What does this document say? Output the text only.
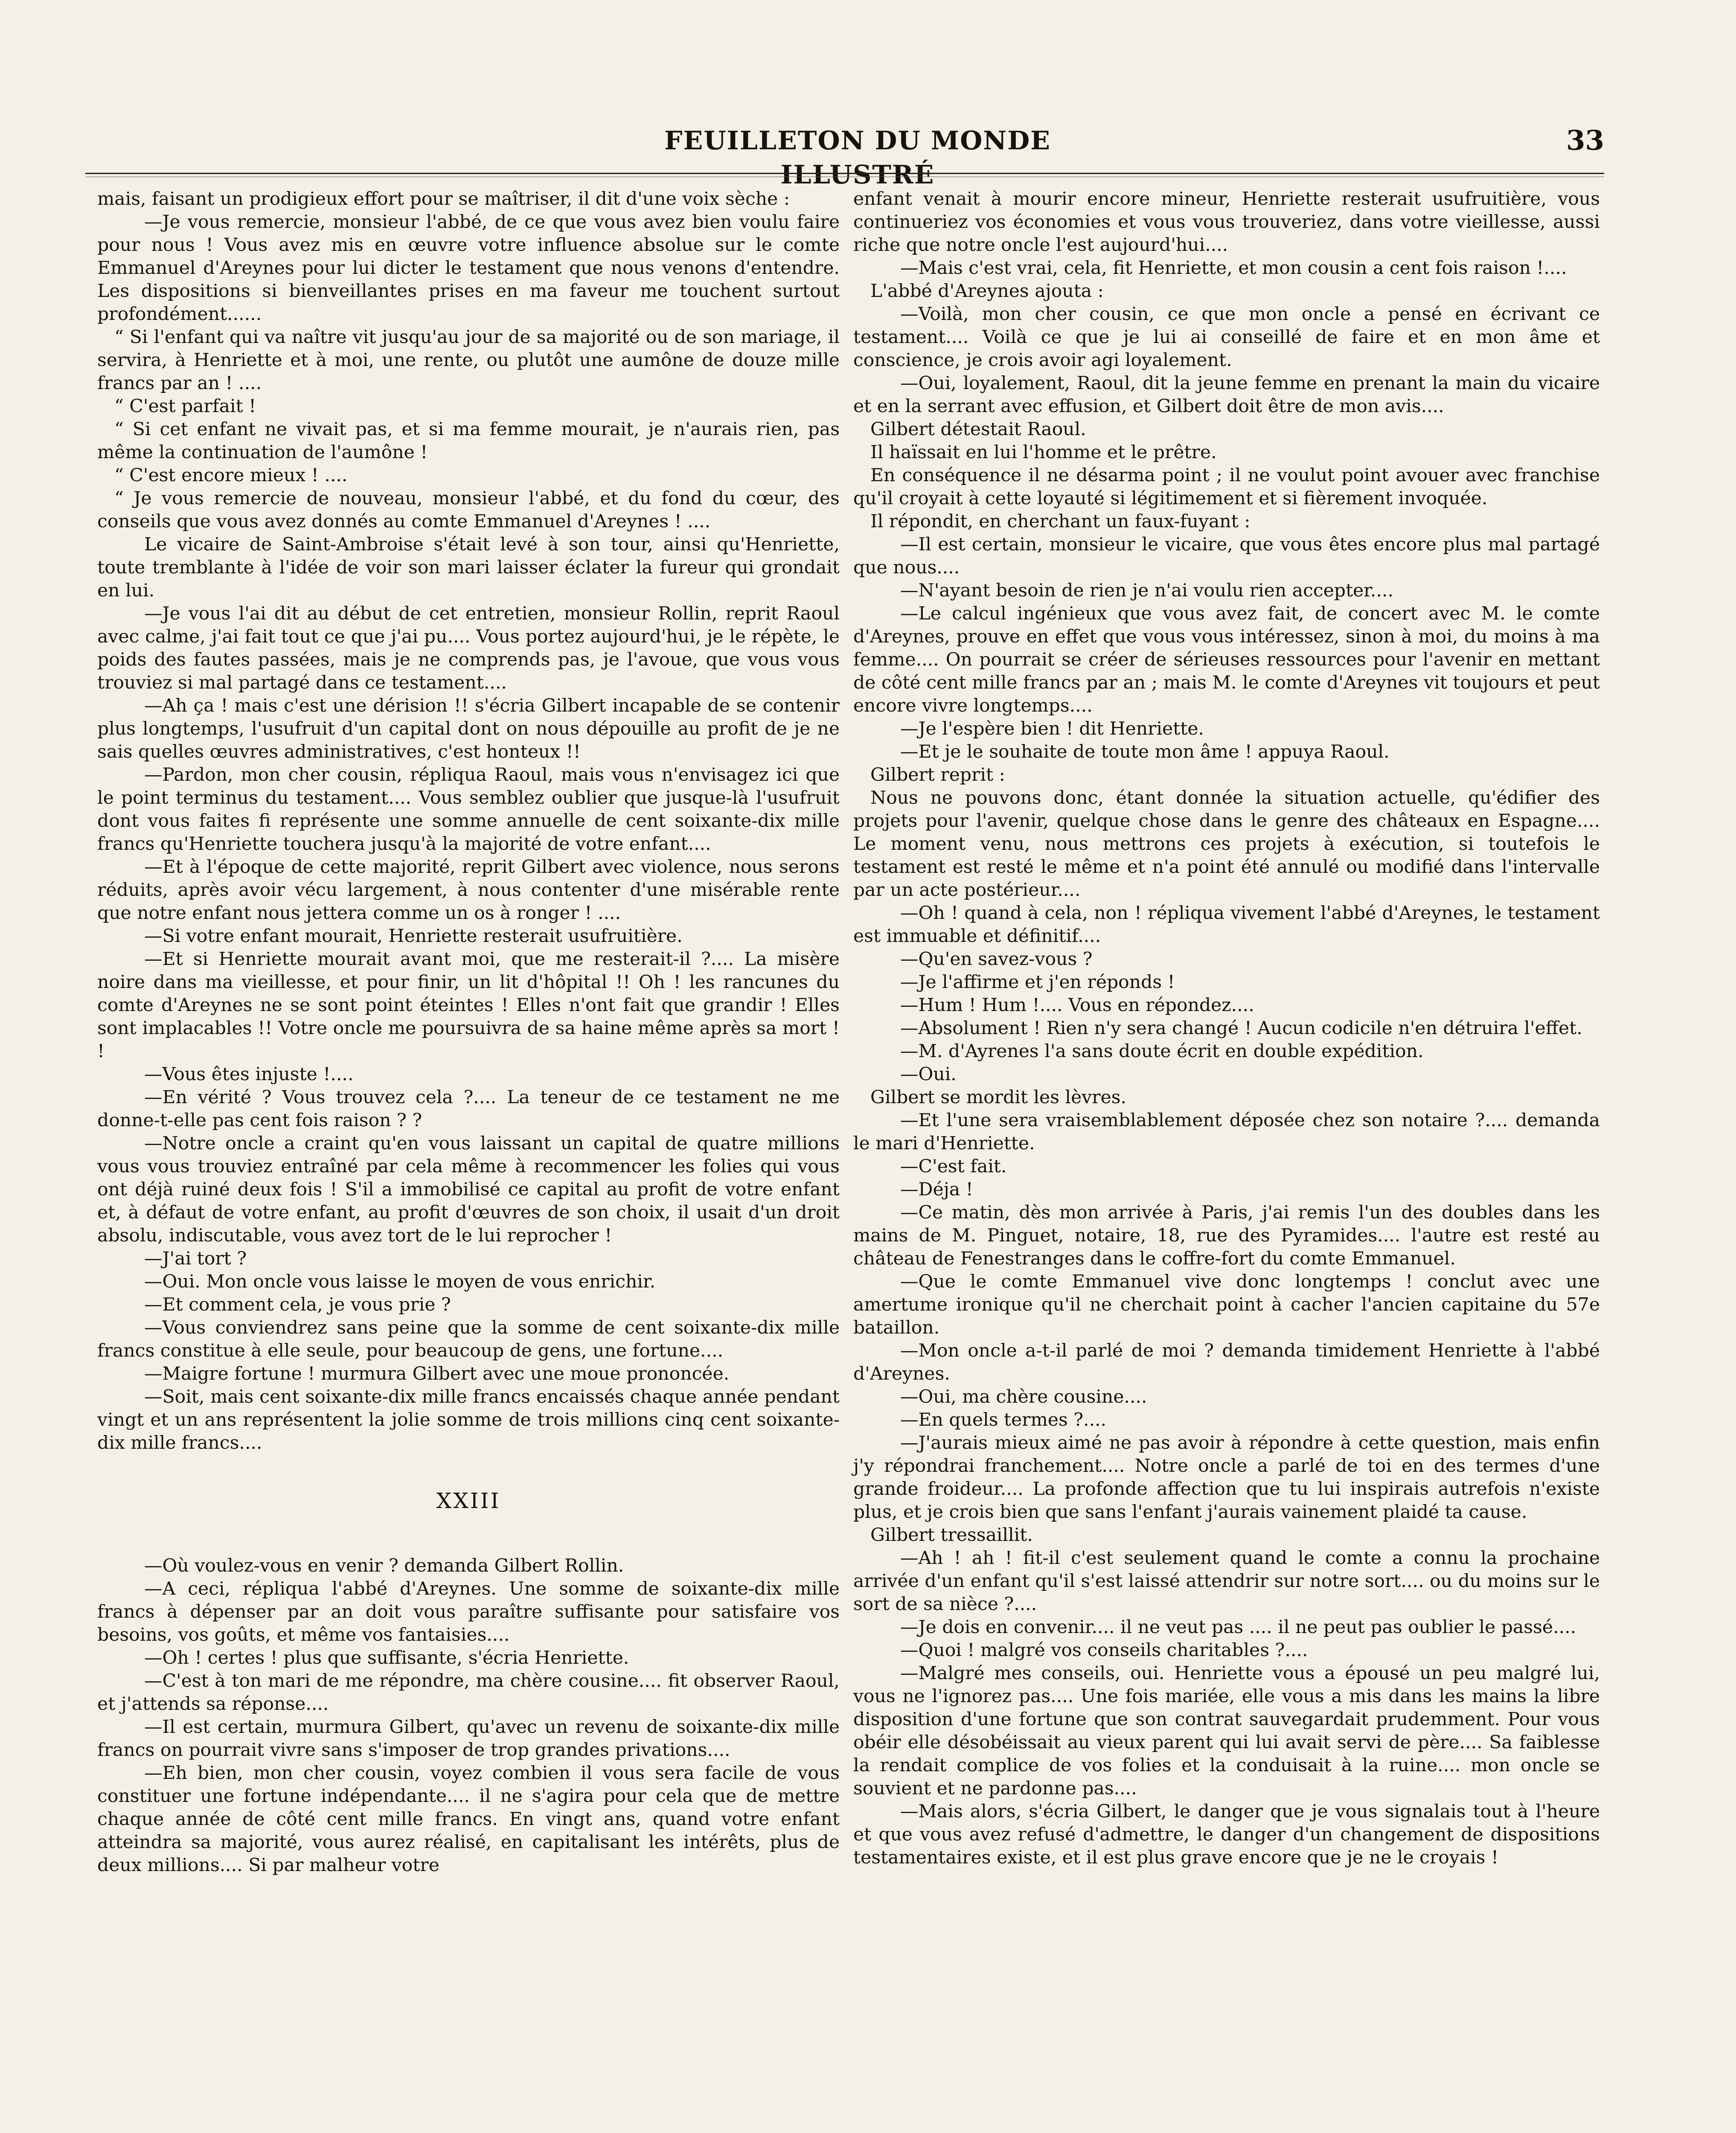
FEUILLETON DU MONDE ILLUSTRÉ
33

mais, faisant un prodigieux effort pour se maîtriser, il dit d'une voix sèche :

—Je vous remercie, monsieur l'abbé, de ce que vous avez bien voulu faire pour nous ! Vous avez mis en œuvre votre influence absolue sur le comte Emmanuel d'Areynes pour lui dicter le testament que nous venons d'entendre. Les dispositions si bienveillantes prises en ma faveur me touchent surtout profondément......

“ Si l'enfant qui va naître vit jusqu'au jour de sa majorité ou de son mariage, il servira, à Henriette et à moi, une rente, ou plutôt une aumône de douze mille francs par an ! ....

“ C'est parfait !

“ Si cet enfant ne vivait pas, et si ma femme mourait, je n'aurais rien, pas même la continuation de l'aumône !

“ C'est encore mieux ! ....

“ Je vous remercie de nouveau, monsieur l'abbé, et du fond du cœur, des conseils que vous avez donnés au comte Emmanuel d'Areynes ! ....

Le vicaire de Saint-Ambroise s'était levé à son tour, ainsi qu'Henriette, toute tremblante à l'idée de voir son mari laisser éclater la fureur qui grondait en lui.

—Je vous l'ai dit au début de cet entretien, monsieur Rollin, reprit Raoul avec calme, j'ai fait tout ce que j'ai pu.... Vous portez aujourd'hui, je le répète, le poids des fautes passées, mais je ne comprends pas, je l'avoue, que vous vous trouviez si mal partagé dans ce testament....

—Ah ça ! mais c'est une dérision !! s'écria Gilbert incapable de se contenir plus longtemps, l'usufruit d'un capital dont on nous dépouille au profit de je ne sais quelles œuvres administratives, c'est honteux !!

—Pardon, mon cher cousin, répliqua Raoul, mais vous n'envisagez ici que le point terminus du testament.... Vous semblez oublier que jusque-là l'usufruit dont vous faites fi représente une somme annuelle de cent soixante-dix mille francs qu'Henriette touchera jusqu'à la majorité de votre enfant....

—Et à l'époque de cette majorité, reprit Gilbert avec violence, nous serons réduits, après avoir vécu largement, à nous contenter d'une misérable rente que notre enfant nous jettera comme un os à ronger ! ....

—Si votre enfant mourait, Henriette resterait usufruitière.

—Et si Henriette mourait avant moi, que me resterait-il ?.... La misère noire dans ma vieillesse, et pour finir, un lit d'hôpital !! Oh ! les rancunes du comte d'Areynes ne se sont point éteintes ! Elles n'ont fait que grandir ! Elles sont implacables !! Votre oncle me poursuivra de sa haine même après sa mort ! !

—Vous êtes injuste !....

—En vérité ? Vous trouvez cela ?.... La teneur de ce testament ne me donne-t-elle pas cent fois raison ? ?

—Notre oncle a craint qu'en vous laissant un capital de quatre millions vous vous trouviez entraîné par cela même à recommencer les folies qui vous ont déjà ruiné deux fois ! S'il a immobilisé ce capital au profit de votre enfant et, à défaut de votre enfant, au profit d'œuvres de son choix, il usait d'un droit absolu, indiscutable, vous avez tort de le lui reprocher !

—J'ai tort ?

—Oui. Mon oncle vous laisse le moyen de vous enrichir.

—Et comment cela, je vous prie ?

—Vous conviendrez sans peine que la somme de cent soixante-dix mille francs constitue à elle seule, pour beaucoup de gens, une fortune....

—Maigre fortune ! murmura Gilbert avec une moue prononcée.

—Soit, mais cent soixante-dix mille francs encaissés chaque année pendant vingt et un ans représentent la jolie somme de trois millions cinq cent soixante-dix mille francs....

XXIII

—Où voulez-vous en venir ? demanda Gilbert Rollin.

—A ceci, répliqua l'abbé d'Areynes. Une somme de soixante-dix mille francs à dépenser par an doit vous paraître suffisante pour satisfaire vos besoins, vos goûts, et même vos fantaisies....

—Oh ! certes ! plus que suffisante, s'écria Henriette.

—C'est à ton mari de me répondre, ma chère cousine.... fit observer Raoul, et j'attends sa réponse....

—Il est certain, murmura Gilbert, qu'avec un revenu de soixante-dix mille francs on pourrait vivre sans s'imposer de trop grandes privations....

—Eh bien, mon cher cousin, voyez combien il vous sera facile de vous constituer une fortune indépendante.... il ne s'agira pour cela que de mettre chaque année de côté cent mille francs. En vingt ans, quand votre enfant atteindra sa majorité, vous aurez réalisé, en capitalisant les intérêts, plus de deux millions.... Si par malheur votre

enfant venait à mourir encore mineur, Henriette resterait usufruitière, vous continueriez vos économies et vous vous trouveriez, dans votre vieillesse, aussi riche que notre oncle l'est aujourd'hui....

—Mais c'est vrai, cela, fit Henriette, et mon cousin a cent fois raison !....

L'abbé d'Areynes ajouta :

—Voilà, mon cher cousin, ce que mon oncle a pensé en écrivant ce testament.... Voilà ce que je lui ai conseillé de faire et en mon âme et conscience, je crois avoir agi loyalement.

—Oui, loyalement, Raoul, dit la jeune femme en prenant la main du vicaire et en la serrant avec effusion, et Gilbert doit être de mon avis....

Gilbert détestait Raoul.

Il haïssait en lui l'homme et le prêtre.

En conséquence il ne désarma point ; il ne voulut point avouer avec franchise qu'il croyait à cette loyauté si légitimement et si fièrement invoquée.

Il répondit, en cherchant un faux-fuyant :

—Il est certain, monsieur le vicaire, que vous êtes encore plus mal partagé que nous....

—N'ayant besoin de rien je n'ai voulu rien accepter....

—Le calcul ingénieux que vous avez fait, de concert avec M. le comte d'Areynes, prouve en effet que vous vous intéressez, sinon à moi, du moins à ma femme.... On pourrait se créer de sérieuses ressources pour l'avenir en mettant de côté cent mille francs par an ; mais M. le comte d'Areynes vit toujours et peut encore vivre longtemps....

—Je l'espère bien ! dit Henriette.

—Et je le souhaite de toute mon âme ! appuya Raoul.

Gilbert reprit :

Nous ne pouvons donc, étant donnée la situation actuelle, qu'édifier des projets pour l'avenir, quelque chose dans le genre des châteaux en Espagne.... Le moment venu, nous mettrons ces projets à exécution, si toutefois le testament est resté le même et n'a point été annulé ou modifié dans l'intervalle par un acte postérieur....

—Oh ! quand à cela, non ! répliqua vivement l'abbé d'Areynes, le testament est immuable et définitif....

—Qu'en savez-vous ?

—Je l'affirme et j'en réponds !

—Hum ! Hum !.... Vous en répondez....

—Absolument ! Rien n'y sera changé ! Aucun codicile n'en détruira l'effet.

—M. d'Ayrenes l'a sans doute écrit en double expédition.

—Oui.

Gilbert se mordit les lèvres.

—Et l'une sera vraisemblablement déposée chez son notaire ?.... demanda le mari d'Henriette.

—C'est fait.

—Déja !

—Ce matin, dès mon arrivée à Paris, j'ai remis l'un des doubles dans les mains de M. Pinguet, notaire, 18, rue des Pyramides.... l'autre est resté au château de Fenestranges dans le coffre-fort du comte Emmanuel.

—Que le comte Emmanuel vive donc longtemps ! conclut avec une amertume ironique qu'il ne cherchait point à cacher l'ancien capitaine du 57e bataillon.

—Mon oncle a-t-il parlé de moi ? demanda timidement Henriette à l'abbé d'Areynes.

—Oui, ma chère cousine....

—En quels termes ?....

—J'aurais mieux aimé ne pas avoir à répondre à cette question, mais enfin j'y répondrai franchement.... Notre oncle a parlé de toi en des termes d'une grande froideur.... La profonde affection que tu lui inspirais autrefois n'existe plus, et je crois bien que sans l'enfant j'aurais vainement plaidé ta cause.

Gilbert tressaillit.

—Ah ! ah ! fit-il c'est seulement quand le comte a connu la prochaine arrivée d'un enfant qu'il s'est laissé attendrir sur notre sort.... ou du moins sur le sort de sa nièce ?....

—Je dois en convenir.... il ne veut pas .... il ne peut pas oublier le passé....

—Quoi ! malgré vos conseils charitables ?....

—Malgré mes conseils, oui. Henriette vous a épousé un peu malgré lui, vous ne l'ignorez pas.... Une fois mariée, elle vous a mis dans les mains la libre disposition d'une fortune que son contrat sauvegardait prudemment. Pour vous obéir elle désobéissait au vieux parent qui lui avait servi de père.... Sa faiblesse la rendait complice de vos folies et la conduisait à la ruine.... mon oncle se souvient et ne pardonne pas....

—Mais alors, s'écria Gilbert, le danger que je vous signalais tout à l'heure et que vous avez refusé d'admettre, le danger d'un changement de dispositions testamentaires existe, et il est plus grave encore que je ne le croyais !
